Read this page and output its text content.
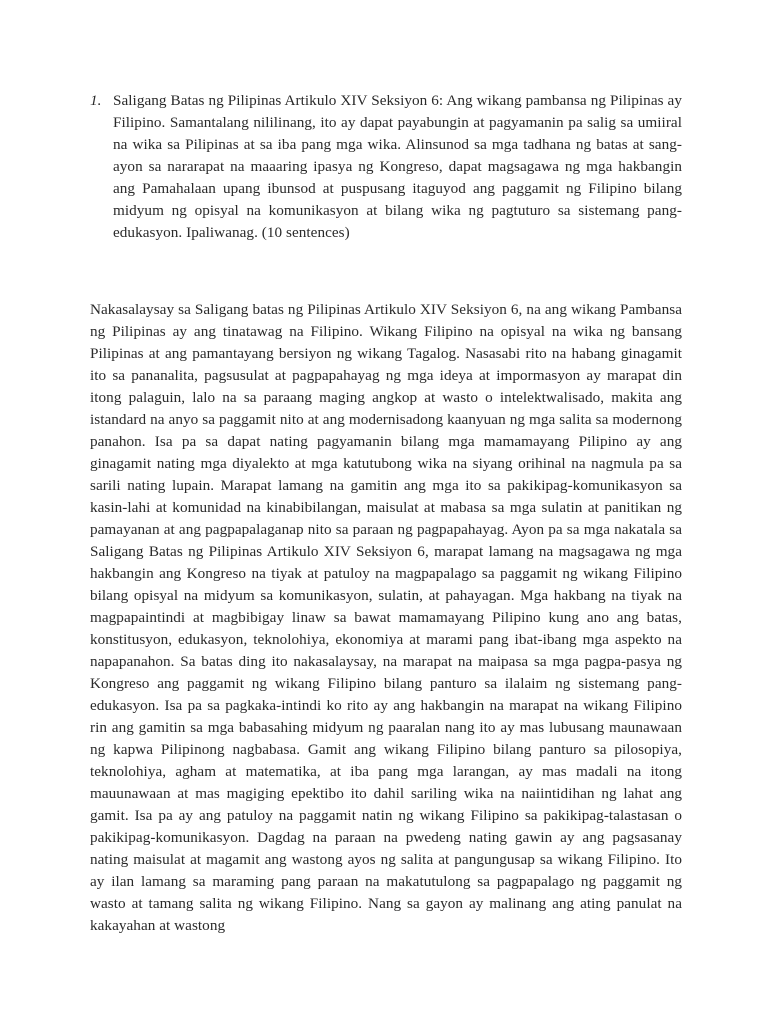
1. Saligang Batas ng Pilipinas Artikulo XIV Seksiyon 6: Ang wikang pambansa ng Pilipinas ay Filipino. Samantalang nililinang, ito ay dapat payabungin at pagyamanin pa salig sa umiiral na wika sa Pilipinas at sa iba pang mga wika. Alinsunod sa mga tadhana ng batas at sang-ayon sa nararapat na maaaring ipasya ng Kongreso, dapat magsagawa ng mga hakbangin ang Pamahalaan upang ibunsod at puspusang itaguyod ang paggamit ng Filipino bilang midyum ng opisyal na komunikasyon at bilang wika ng pagtuturo sa sistemang pang-edukasyon. Ipaliwanag. (10 sentences)

Nakasalaysay sa Saligang batas ng Pilipinas Artikulo XIV Seksiyon 6, na ang wikang Pambansa ng Pilipinas ay ang tinatawag na Filipino. Wikang Filipino na opisyal na wika ng bansang Pilipinas at ang pamantayang bersiyon ng wikang Tagalog. Nasasabi rito na habang ginagamit ito sa pananalita, pagsusulat at pagpapahayag ng mga ideya at impormasyon ay marapat din itong palaguin, lalo na sa paraang maging angkop at wasto o intelektwalisado, makita ang istandard na anyo sa paggamit nito at ang modernisadong kaanyuan ng mga salita sa modernong panahon. Isa pa sa dapat nating pagyamanin bilang mga mamamayang Pilipino ay ang ginagamit nating mga diyalekto at mga katutubong wika na siyang orihinal na nagmula pa sa sarili nating lupain. Marapat lamang na gamitin ang mga ito sa pakikipag-komunikasyon sa kasin-lahi at komunidad na kinabibilangan, maisulat at mabasa sa mga sulatin at panitikan ng pamayanan at ang pagpapalaganap nito sa paraan ng pagpapahayag. Ayon pa sa mga nakatala sa Saligang Batas ng Pilipinas Artikulo XIV Seksiyon 6, marapat lamang na magsagawa ng mga hakbangin ang Kongreso na tiyak at patuloy na magpapalago sa paggamit ng wikang Filipino bilang opisyal na midyum sa komunikasyon, sulatin, at pahayagan. Mga hakbang na tiyak na magpapaintindi at magbibigay linaw sa bawat mamamayang Pilipino kung ano ang batas, konstitusyon, edukasyon, teknolohiya, ekonomiya at marami pang ibat-ibang mga aspekto na napapanahon. Sa batas ding ito nakasalaysay, na marapat na maipasa sa mga pagpa-pasya ng Kongreso ang paggamit ng wikang Filipino bilang panturo sa ilalaim ng sistemang pang-edukasyon. Isa pa sa pagkaka-intindi ko rito ay ang hakbangin na marapat na wikang Filipino rin ang gamitin sa mga babasahing midyum ng paaralan nang ito ay mas lubusang maunawaan ng kapwa Pilipinong nagbabasa. Gamit ang wikang Filipino bilang panturo sa pilosopiya, teknolohiya, agham at matematika, at iba pang mga larangan, ay mas madali na itong mauunawaan at mas magiging epektibo ito dahil sariling wika na naiintidihan ng lahat ang gamit. Isa pa ay ang patuloy na paggamit natin ng wikang Filipino sa pakikipag-talastasan o pakikipag-komunikasyon. Dagdag na paraan na pwedeng nating gawin ay ang pagsasanay nating maisulat at magamit ang wastong ayos ng salita at pangungusap sa wikang Filipino. Ito ay ilan lamang sa maraming pang paraan na makatutulong sa pagpapalago ng paggamit ng wasto at tamang salita ng wikang Filipino. Nang sa gayon ay malinang ang ating panulat na kakayahan at wastong
